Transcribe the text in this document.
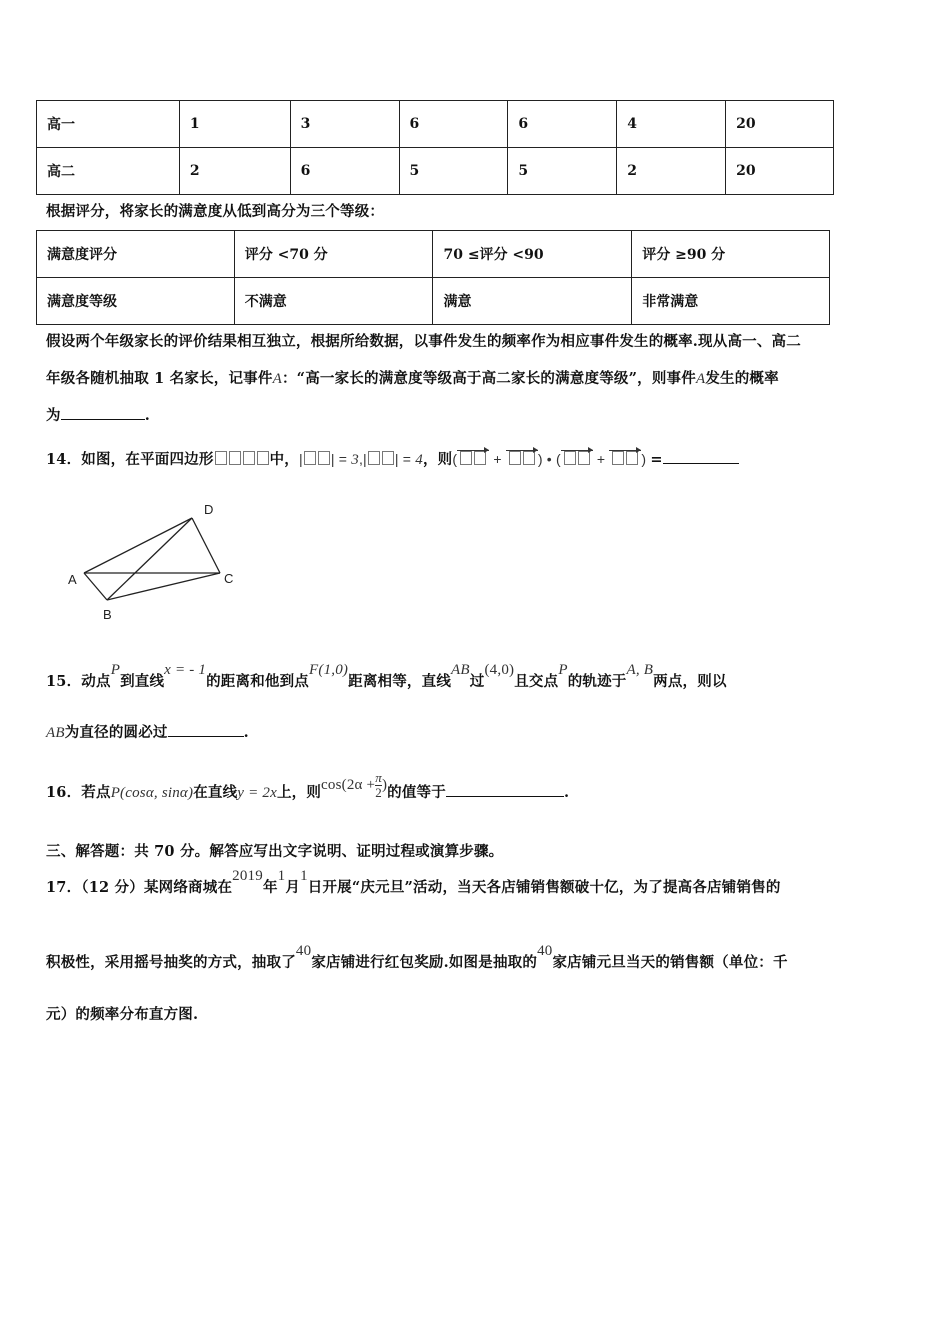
高一	1	3	6	6	4	20
高二	2	6	5	5	2	20
根据评分，将家长的满意度从低到高分为三个等级：
满意度评分	评分 <70 分	70 ≤评分 <90	评分 ≥90 分
满意度等级	不满意	满意	非常满意
假设两个年级家长的评价结果相互独立，根据所给数据，以事件发生的频率作为相应事件发生的概率.现从高一、高二
年级各随机抽取 1 名家长，记事件A：“高一家长的满意度等级高于高二家长的满意度等级”，则事件A发生的概率
为	.
14．如图，在平面四边形	中，| | = 3,| | = 4，则( + ) • ( + ) =
A
B
C
D
15．动点P到直线x = - 1的距离和他到点F(1,0)距离相等，直线AB过(4,0)且交点P的轨迹于A, B两点，则以
AB为直径的圆必过	.
16．若点P(cosα, sinα)在直线y = 2x上，则$\cos(2\alpha + \frac{\pi}{2}$ )的值等于	.
三、解答题：共 70 分。解答应写出文字说明、证明过程或演算步骤。
17．（12 分）某网络商城在2019年1月1日开展“庆元旦”活动，当天各店铺销售额破十亿，为了提高各店铺销售的
积极性，采用摇号抽奖的方式，抽取了40家店铺进行红包奖励.如图是抽取的40家店铺元旦当天的销售额（单位：千
元）的频率分布直方图.
